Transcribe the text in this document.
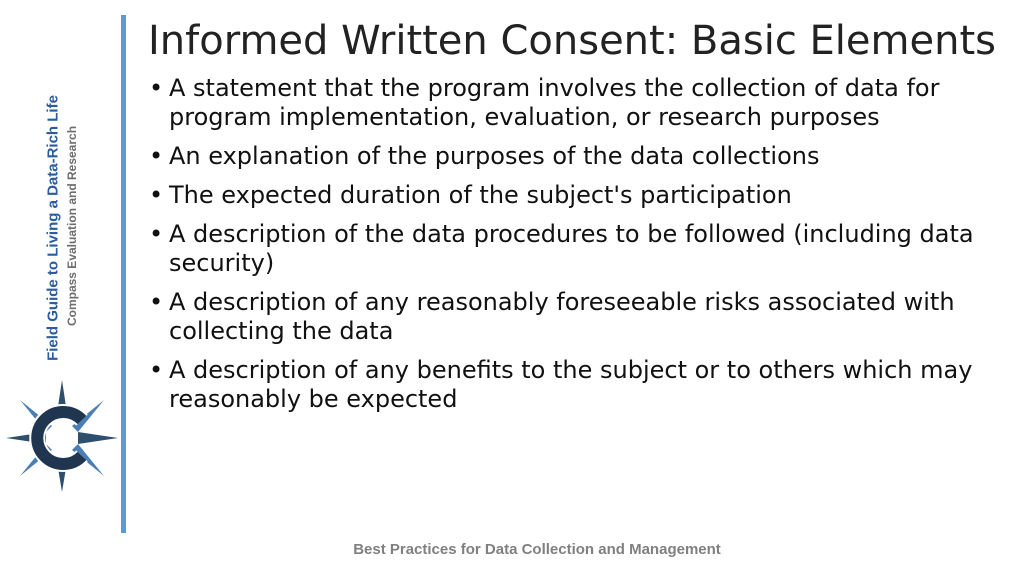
Field Guide to Living a Data-Rich Life Compass Evaluation and Research
Informed Written Consent: Basic Elements
• A statement that the program involves the collection of data for program implementation, evaluation, or research purposes
• An explanation of the purposes of the data collections
• The expected duration of the subject's participation
• A description of the data procedures to be followed (including data security)
• A description of any reasonably foreseeable risks associated with collecting the data
• A description of any benefits to the subject or to others which may reasonably be expected
Best Practices for Data Collection and Management
